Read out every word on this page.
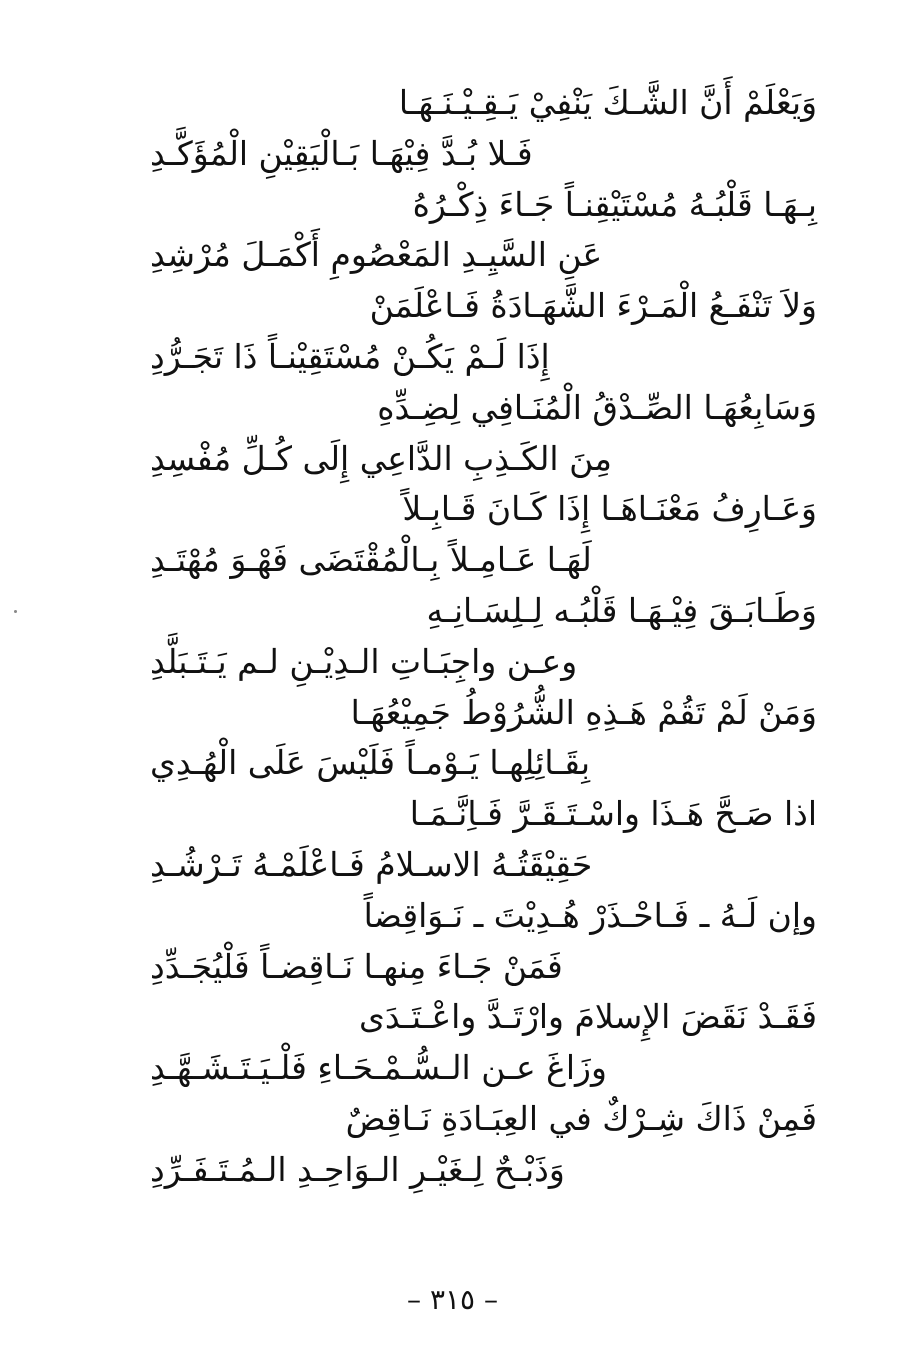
وَيَعْلَمْ أَنَّ الشَّـكَ يَنْفِيْ يَـقِـيْـنَـهَـا
فَـلا بُـدَّ فِيْهَـا بَـالْيَقِيْنِ الْمُؤَكَّـدِ
بِـهَـا قَلْبُـهُ مُسْتَيْقِنـاً جَـاءَ ذِكْـرُهُ
عَنِ السَّيِـدِ المَعْصُومِ أَكْمَـلَ مُرْشِدِ
وَلاَ تَنْفَـعُ الْمَـرْءَ الشَّهَـادَةُ فَـاعْلَمَنْ
إِذَا لَـمْ يَكُـنْ مُسْتَقِيْنـاً ذَا تَجَـرُّدِ
وَسَابِعُهَـا الصِّـدْقُ الْمُنَـافِي لِضِـدِّهِ
مِنَ الكَـذِبِ الدَّاعِي إِلَى كُـلِّ مُفْسِدِ
وَعَـارِفُ مَعْنَـاهَـا إِذَا كَـانَ قَـابِـلاً
لَهَـا عَـامِـلاً بِـالْمُقْتَضَى فَهْـوَ مُهْتَـدِ
وَطَـابَـقَ فِيْـهَـا قَلْبُـه لِـلِسَـانِـهِ
وعـن واجِبَـاتِ الـدِيْـنِ لـم يَـتَـبَلَّدِ
وَمَنْ لَمْ تَقُمْ هَـذِهِ الشُّرُوْطُ جَمِيْعُهَـا
بِقَـائِلِهـا يَـوْمـاً فَلَيْسَ عَلَى الْهُـدِي
اذا صَـحَّ هَـذَا واسْـتَـقَـرَّ فَـاِنَّـمَـا
حَقِيْقَتُـهُ الاسـلامُ فَـاعْلَمْـهُ تَـرْشُـدِ
وإن لَـهُ ـ فَـاحْـذَرْ هُـدِيْتَ ـ نَـوَاقِضاً
فَمَنْ جَـاءَ مِنهـا نَـاقِضـاً فَلْيُجَـدِّدِ
فَقَـدْ نَقَضَ الإِسلامَ وارْتَـدَّ واعْـتَـدَى
وزَاغَ عـن الـسُّـمْـحَـاءِ فَلْـيَـتَـشَـهَّـدِ
فَمِنْ ذَاكَ شِـرْكٌ في العِبَـادَةِ نَـاقِضٌ
وَذَبْـحٌ لِـغَيْـرِ الـوَاحِـدِ الـمُـتَـفَـرِّدِ
– ٣١٥ –
